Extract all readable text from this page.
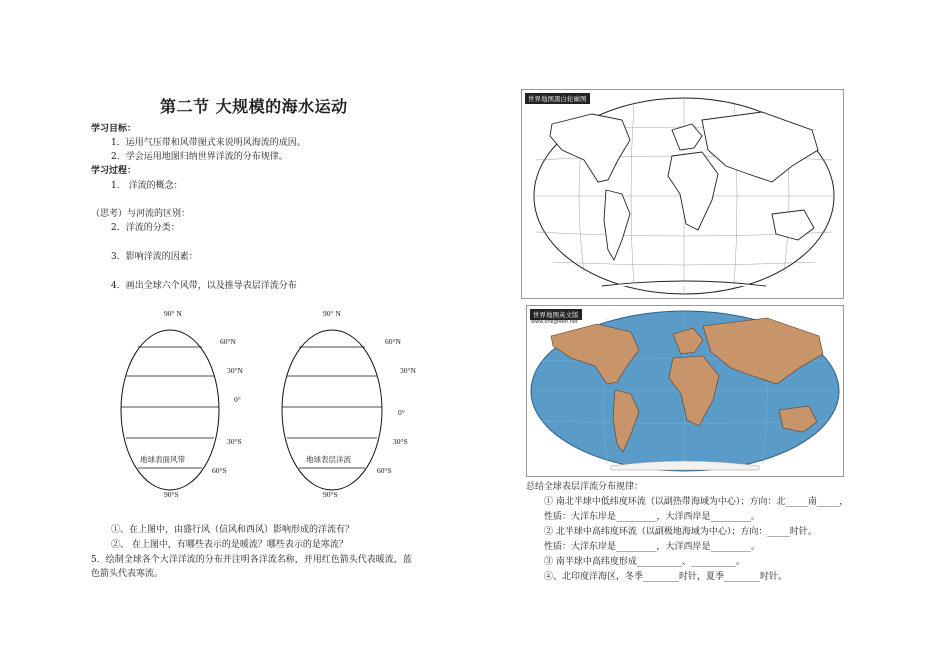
第二节 大规模的海水运动
学习目标：
1．运用气压带和风带图式来说明风海流的成因。
2．学会运用地图归纳世界洋流的分布规律。
学习过程：
1． 洋流的概念：
（思考）与河流的区别：
2．洋流的分类：
3．影响洋流的因素：
4．画出全球六个风带，以及推导表层洋流分布
90° N
60°N
30°N
0°
30°S
60°S
90°S
地球表面风带
90° N
60°N
30°N
0°
30°S
60°S
90°S
地球表层洋流
①、在上图中，由盛行风（信风和西风）影响形成的洋流有？
②、 在上图中，有哪些表示的是暖流？哪些表示的是寒流？
5．绘制全球各个大洋洋流的分布并注明各洋流名称，并用红色箭头代表暖流，蓝
色箭头代表寒流。
世界地图黑白轮廓图
世界地图英文版
www.onegreen.net
总结全球表层洋流分布规律：
① 南北半球中低纬度环流（以副热带海域为中心）；方向：北_____南_____，
性质：大洋东岸是_________，大洋西岸是_________。
② 北半球中高纬度环流（以副极地海域为中心）；方向：_____时针。
性质：大洋东岸是_________，大洋西岸是_________。
③ 南半球中高纬度形成__________、__________。
④、北印度洋海区，冬季________时针，夏季________时针。
